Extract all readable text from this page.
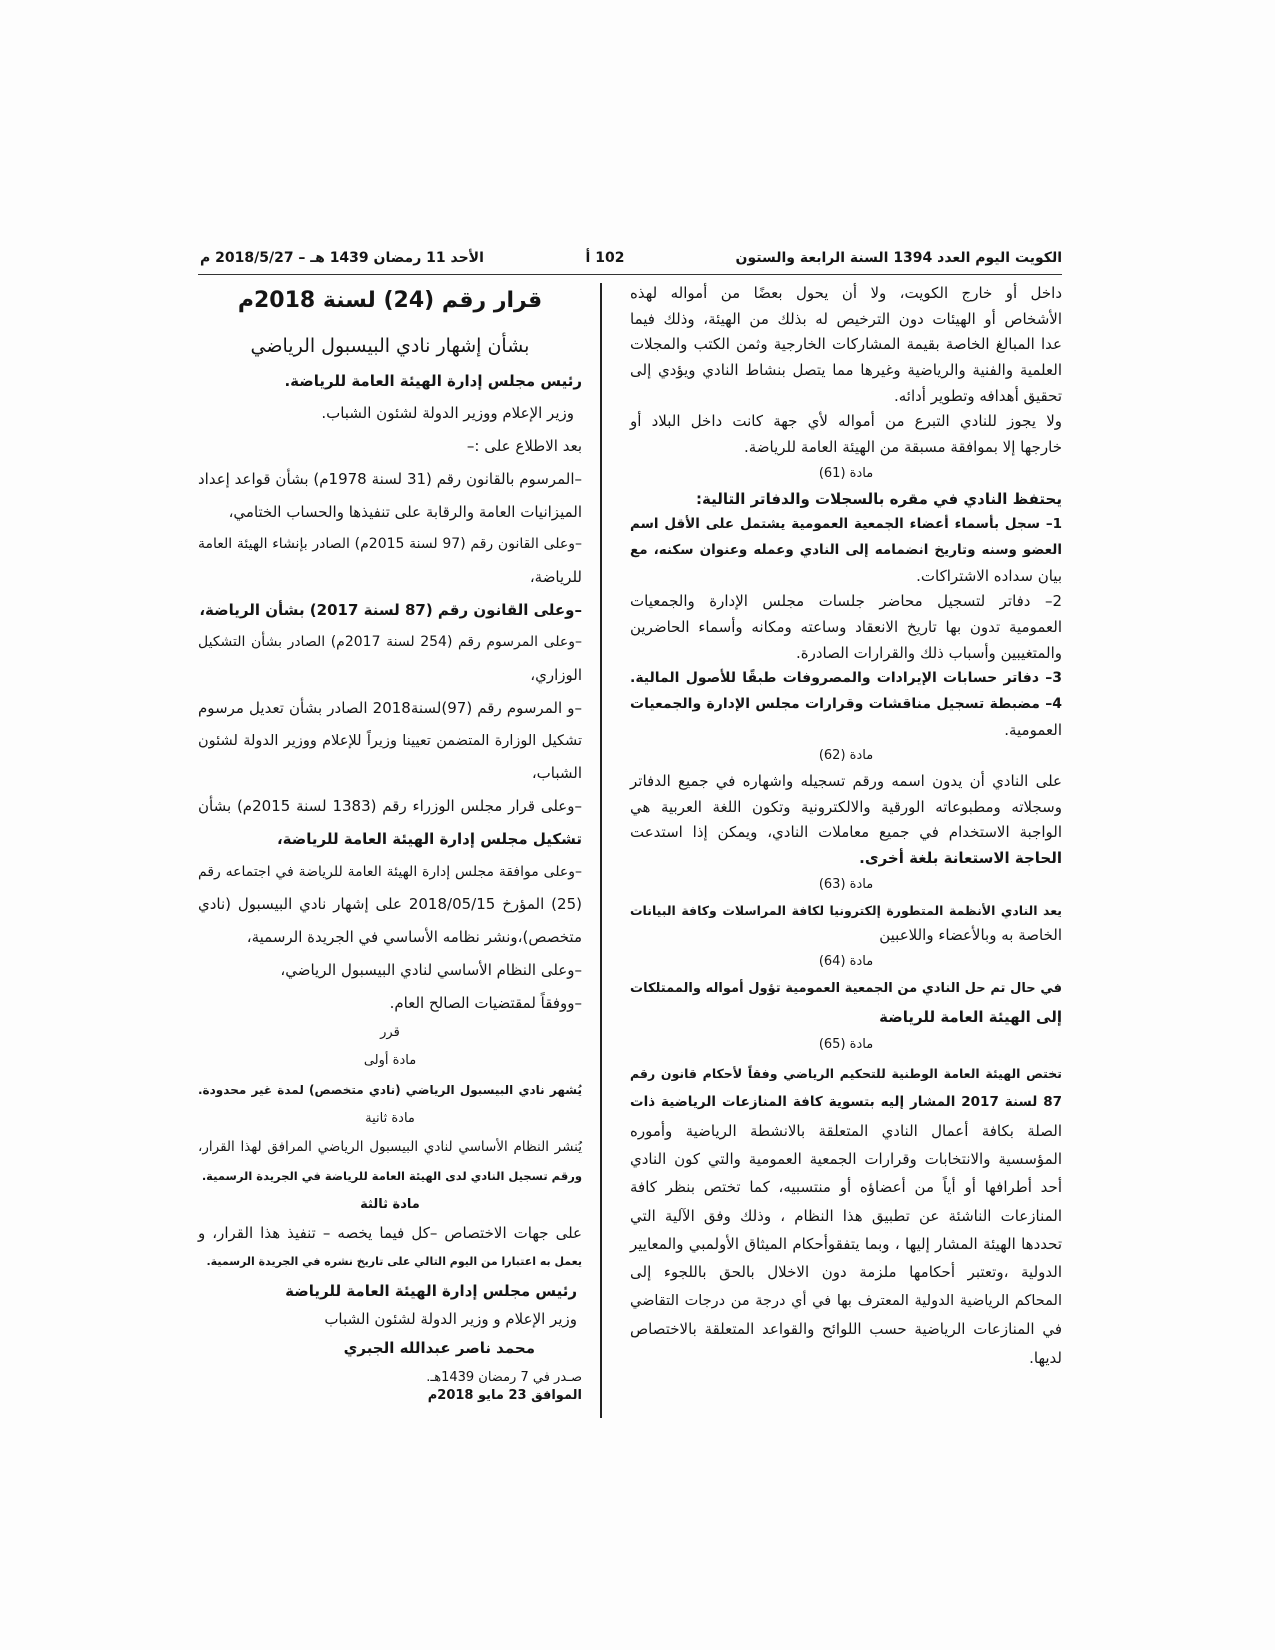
الكويت اليوم العدد 1394 السنة الرابعة والستون
أ 102
الأحد 11 رمضان 1439 هـ – 2018/5/27 م
داخل أو خارج الكويت، ولا أن يحول بعضًا من أمواله لهذه
الأشخاص أو الهيئات دون الترخيص له بذلك من الهيئة، وذلك فيما
عدا المبالغ الخاصة بقيمة المشاركات الخارجية وثمن الكتب والمجلات
العلمية والفنية والرياضية وغيرها مما يتصل بنشاط النادي ويؤدي إلى
تحقيق أهدافه وتطوير أدائه.
ولا يجوز للنادي التبرع من أمواله لأي جهة كانت داخل البلاد أو
خارجها إلا بموافقة مسبقة من الهيئة العامة للرياضة.
مادة (61)
يحتفظ النادي في مقره بالسجلات والدفاتر التالية:
1– سجل بأسماء أعضاء الجمعية العمومية يشتمل على الأقل اسم
العضو وسنه وتاريخ انضمامه إلى النادي وعمله وعنوان سكنه، مع
بيان سداده الاشتراكات.
2– دفاتر لتسجيل محاضر جلسات مجلس الإدارة والجمعيات
العمومية تدون بها تاريخ الانعقاد وساعته ومكانه وأسماء الحاضرين
والمتغيبين وأسباب ذلك والقرارات الصادرة.
3– دفاتر حسابات الإيرادات والمصروفات طبقًا للأصول المالية.
4– مضبطة تسجيل مناقشات وقرارات مجلس الإدارة والجمعيات
العمومية.
مادة (62)
على النادي أن يدون اسمه ورقم تسجيله واشهاره في جميع الدفاتر
وسجلاته ومطبوعاته الورقية والالكترونية وتكون اللغة العربية هي
الواجبة الاستخدام في جميع معاملات النادي، ويمكن إذا استدعت
الحاجة الاستعانة بلغة أخرى.
مادة (63)
يعد النادي الأنظمة المتطورة إلكترونيا لكافة المراسلات وكافة البيانات
الخاصة به وبالأعضاء واللاعبين
مادة (64)
في حال تم حل النادي من الجمعية العمومية تؤول أمواله والممتلكات
إلى الهيئة العامة للرياضة
مادة (65)
تختص الهيئة العامة الوطنية للتحكيم الرياضي وفقاً لأحكام قانون رقم
87 لسنة 2017 المشار إليه بتسوية كافة المنازعات الرياضية ذات
الصلة بكافة أعمال النادي المتعلقة بالانشطة الرياضية وأموره
المؤسسية والانتخابات وقرارات الجمعية العمومية والتي كون النادي
أحد أطرافها أو أياً من أعضاؤه أو منتسبيه، كما تختص بنظر كافة
المنازعات الناشئة عن تطبيق هذا النظام ، وذلك وفق الآلية التي
تحددها الهيئة المشار إليها ، وبما يتفقوأحكام الميثاق الأولمبي والمعايير
الدولية ،وتعتبر أحكامها ملزمة دون الاخلال بالحق باللجوء إلى
المحاكم الرياضية الدولية المعترف بها في أي درجة من درجات التقاضي
في المنازعات الرياضية حسب اللوائح والقواعد المتعلقة بالاختصاص
لديها.
قرار رقم (24) لسنة 2018م
بشأن إشهار نادي البيسبول الرياضي
رئيس مجلس إدارة الهيئة العامة للرياضة.
وزير الإعلام ووزير الدولة لشئون الشباب.
بعد الاطلاع على :–
–المرسوم بالقانون رقم (31 لسنة 1978م) بشأن قواعد إعداد
الميزانيات العامة والرقابة على تنفيذها والحساب الختامي،
–وعلى القانون رقم (97 لسنة 2015م) الصادر بإنشاء الهيئة العامة
للرياضة،
–وعلى القانون رقم (87 لسنة 2017) بشأن الرياضة،
–وعلى المرسوم رقم (254 لسنة 2017م) الصادر بشأن التشكيل
الوزاري،
–و المرسوم رقم (97)لسنة2018 الصادر بشأن تعديل مرسوم
تشكيل الوزارة المتضمن تعيينا وزيراً للإعلام ووزير الدولة لشئون
الشباب،
–وعلى قرار مجلس الوزراء رقم (1383 لسنة 2015م) بشأن
تشكيل مجلس إدارة الهيئة العامة للرياضة،
–وعلى موافقة مجلس إدارة الهيئة العامة للرياضة في اجتماعه رقم
(25) المؤرخ 2018/05/15 على إشهار نادي البيسبول (نادي
متخصص)،ونشر نظامه الأساسي في الجريدة الرسمية،
–وعلى النظام الأساسي لنادي البيسبول الرياضي،
–ووفقاً لمقتضيات الصالح العام.
قرر
مادة أولى
يُشهر نادي البيسبول الرياضي (نادي متخصص) لمدة غير محدودة.
مادة ثانية
يُنشر النظام الأساسي لنادي البيسبول الرياضي المرافق لهذا القرار،
ورقم تسجيل النادي لدى الهيئة العامة للرياضة في الجريدة الرسمية.
مادة ثالثة
على جهات الاختصاص –كل فيما يخصه – تنفيذ هذا القرار، و
يعمل به اعتبارا من اليوم التالي على تاريخ نشره في الجريدة الرسمية.
رئيس مجلس إدارة الهيئة العامة للرياضة
وزير الإعلام و وزير الدولة لشئون الشباب
محمد ناصر عبدالله الجبري
صـدر في 7 رمضان 1439هـ.
الموافق 23 مايو 2018م
